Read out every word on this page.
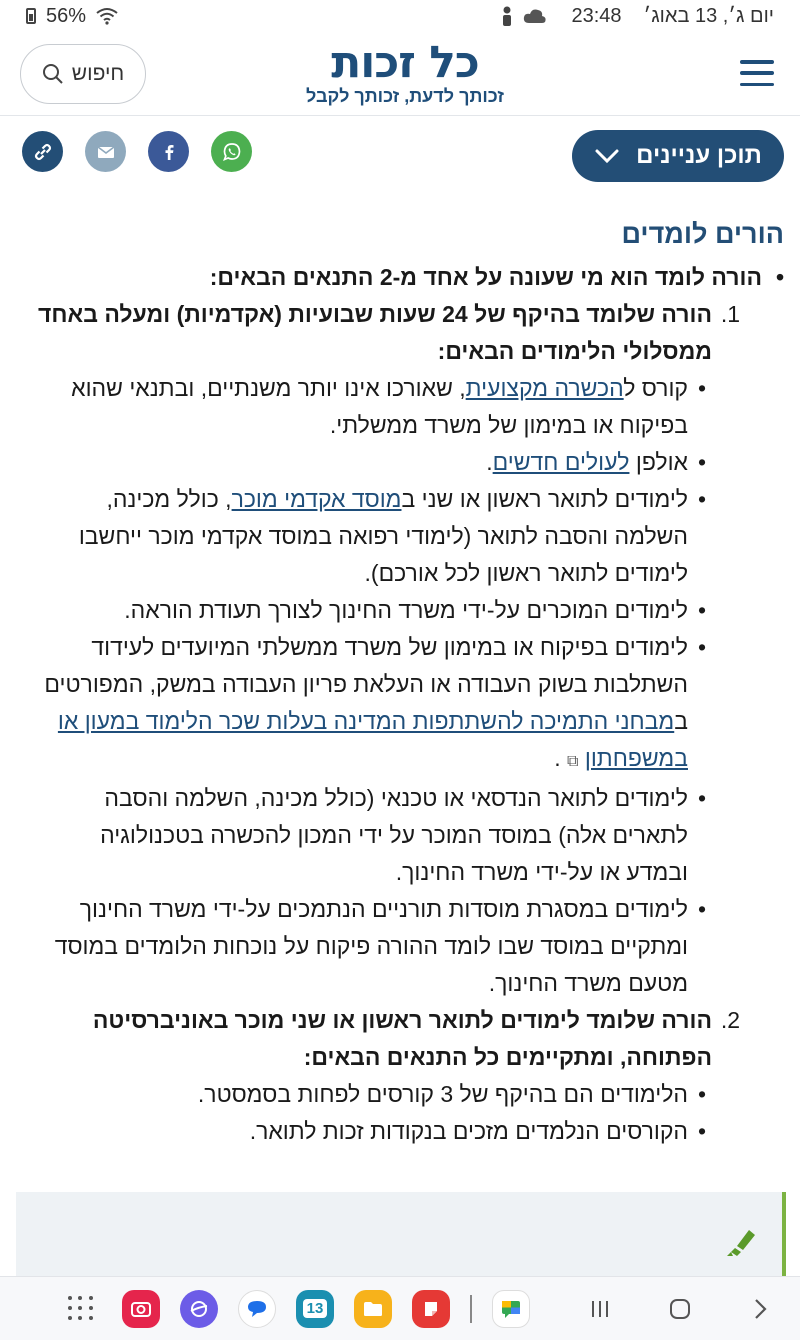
56%	23:48 יום ג׳, 13 באוג׳
כל זכות
זכותך לדעת, זכותך לקבל
חיפוש
תוכן עניינים
הורים לומדים
• הורה לומד הוא מי שעונה על אחד מ-2 התנאים הבאים:
1.
הורה שלומד בהיקף של 24 שעות שבועיות (אקדמיות) ומעלה באחד ממסלולי הלימודים הבאים:
• קורס להכשרה מקצועית, שאורכו אינו יותר משנתיים, ובתנאי שהוא בפיקוח או במימון של משרד ממשלתי.
• אולפן לעולים חדשים.
• לימודים לתואר ראשון או שני במוסד אקדמי מוכר, כולל מכינה, השלמה והסבה לתואר (לימודי רפואה במוסד אקדמי מוכר ייחשבו לימודים לתואר ראשון לכל אורכם).
• לימודים המוכרים על-ידי משרד החינוך לצורך תעודת הוראה.
• לימודים בפיקוח או במימון של משרד ממשלתי המיועדים לעידוד השתלבות בשוק העבודה או העלאת פריון העבודה במשק, המפורטים במבחני התמיכה להשתתפות המדינה בעלות שכר הלימוד במעון או במשפחתון ⧉ .
• לימודים לתואר הנדסאי או טכנאי (כולל מכינה, השלמה והסבה לתארים אלה) במוסד המוכר על ידי המכון להכשרה בטכנולוגיה ובמדע או על-ידי משרד החינוך.
• לימודים במסגרת מוסדות תורניים הנתמכים על-ידי משרד החינוך ומתקיים במוסד שבו לומד ההורה פיקוח על נוכחות הלומדים במוסד מטעם משרד החינוך.
2.
הורה שלומד לימודים לתואר ראשון או שני מוכר באוניברסיטה הפתוחה, ומתקיימים כל התנאים הבאים:
• הלימודים הם בהיקף של 3 קורסים לפחות בסמסטר.
• הקורסים הנלמדים מזכים בנקודות זכות לתואר.
13
